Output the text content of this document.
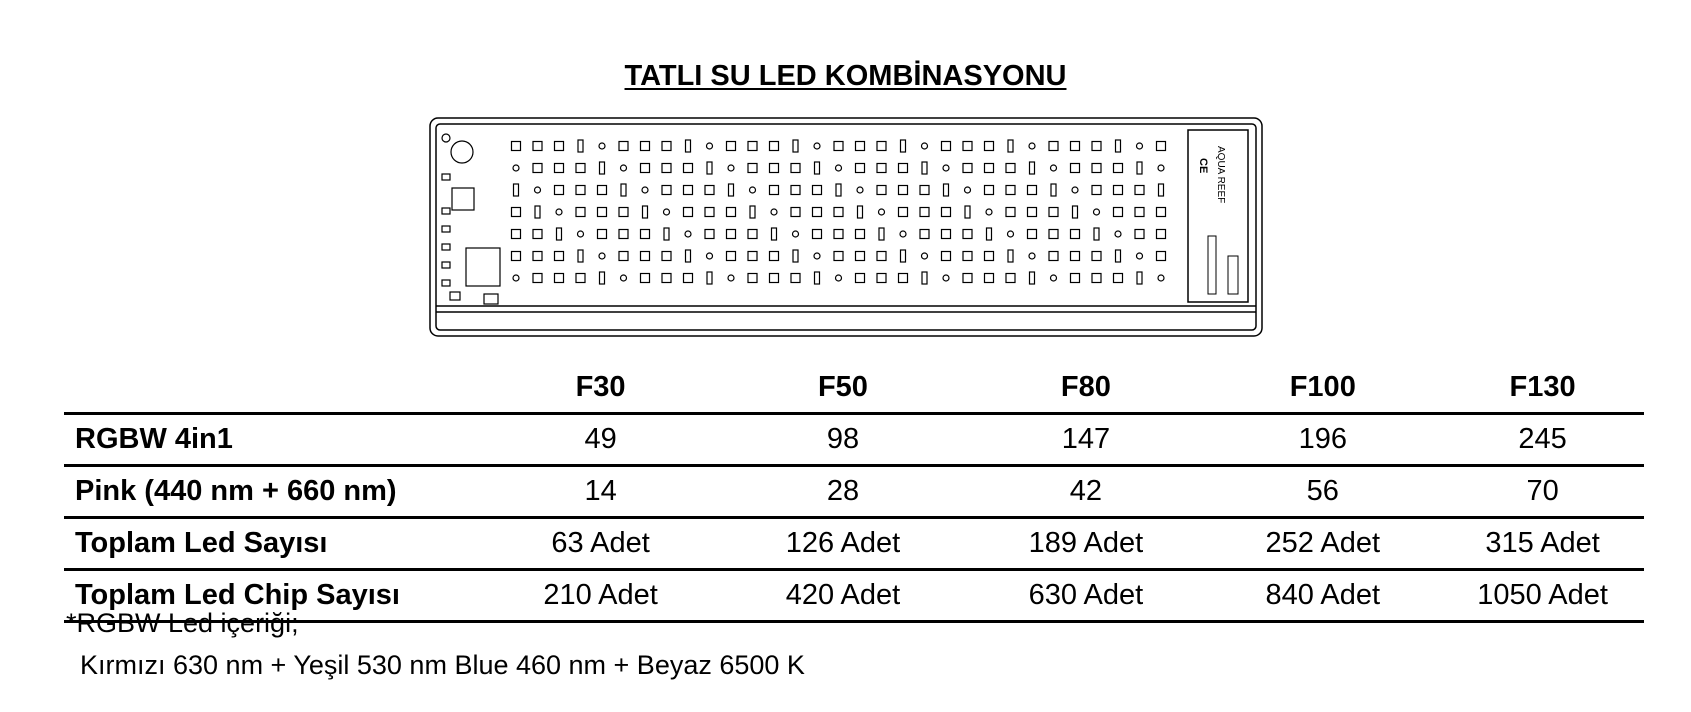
TATLI SU LED KOMBİNASYONU
CE AQUA REEF
	F30	F50	F80	F100	F130
RGBW 4in1	49	98	147	196	245
Pink (440 nm + 660 nm)	14	28	42	56	70
Toplam Led Sayısı	63 Adet	126 Adet	189 Adet	252 Adet	315 Adet
Toplam Led Chip Sayısı	210 Adet	420 Adet	630 Adet	840 Adet	1050 Adet
*RGBW Led içeriği;
Kırmızı 630 nm + Yeşil 530 nm Blue 460 nm + Beyaz 6500 K
